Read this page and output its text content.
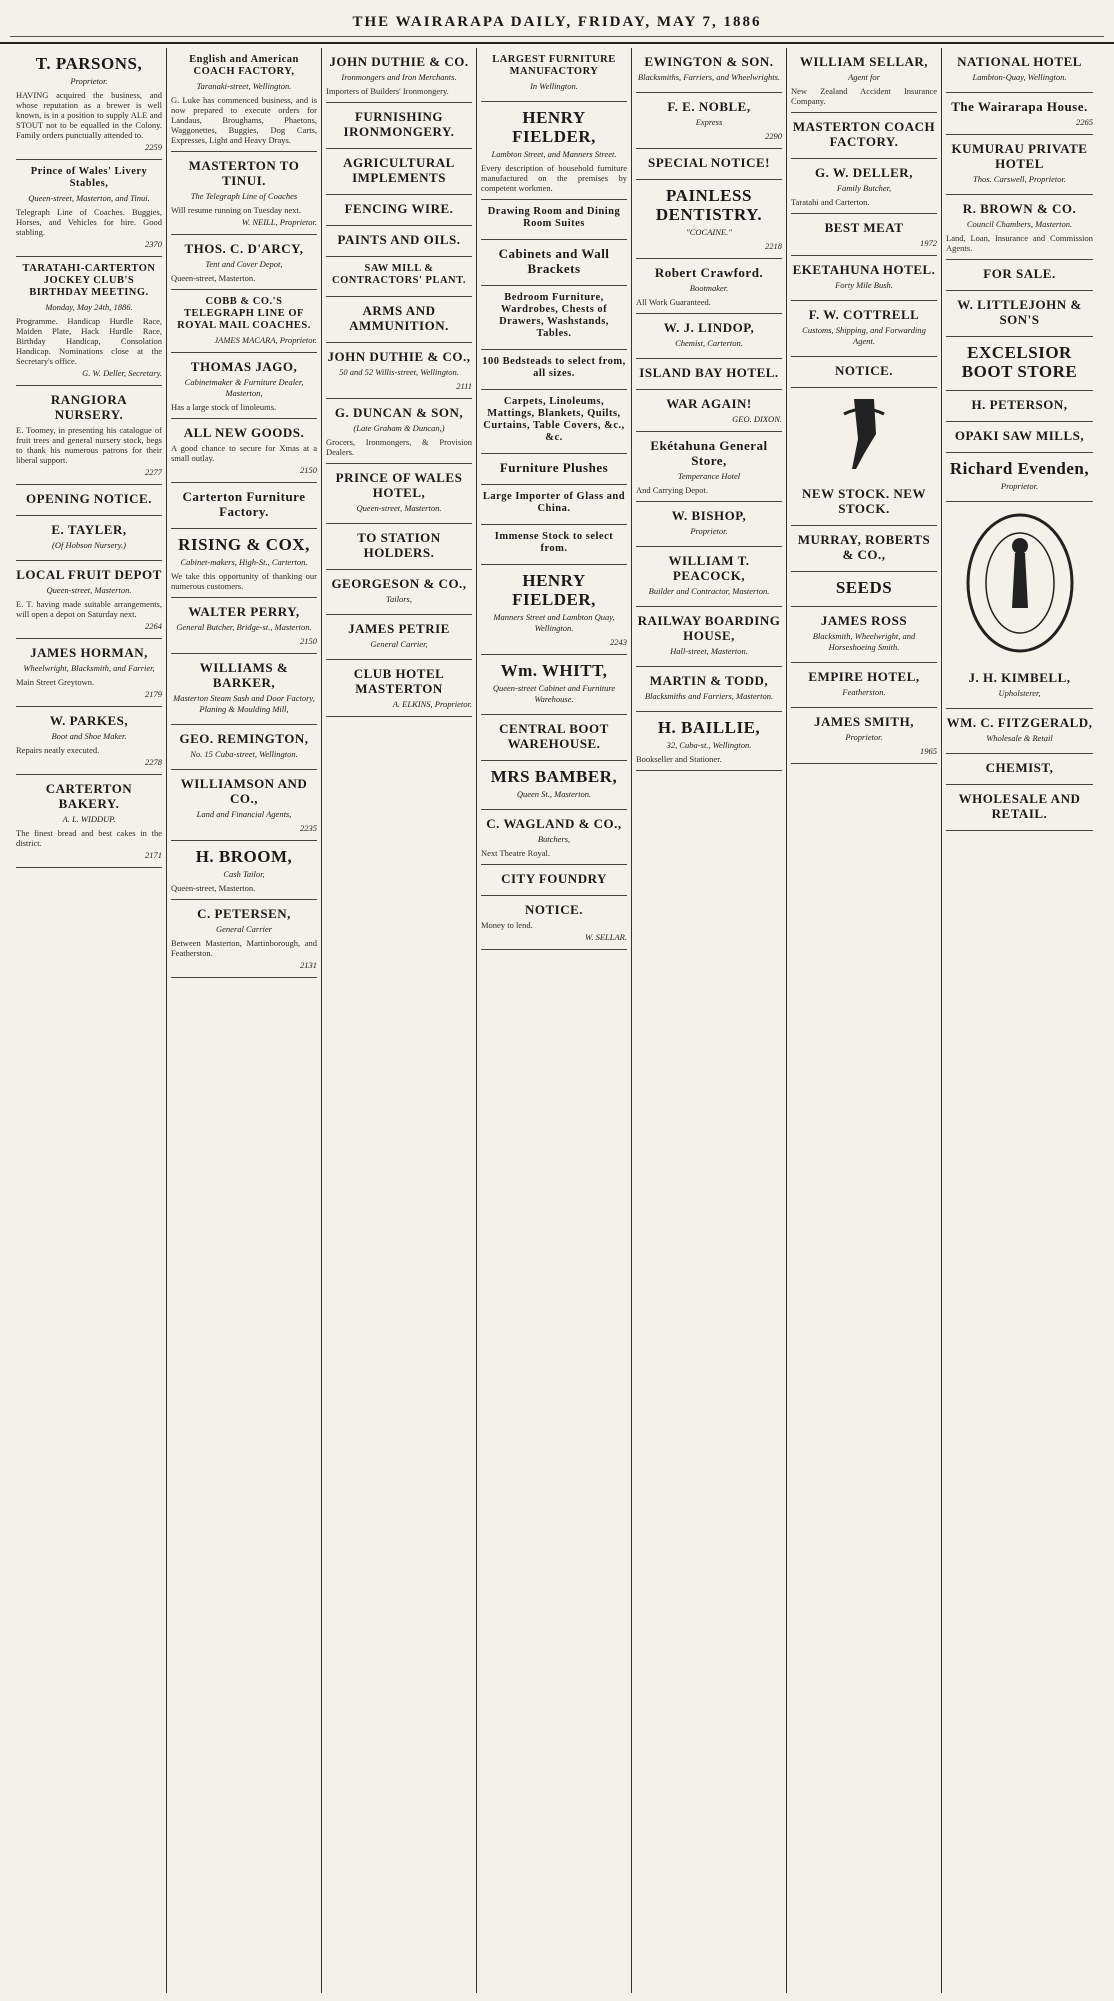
THE WAIRARAPA DAILY, FRIDAY, MAY 7, 1886
T. PARSONS,
Proprietor.
HAVING acquired the business, and whose reputation as a brewer is well known, is in a position to supply ALE and STOUT not to be equalled in the Colony. Family orders punctually attended to.
2259
Prince of Wales' Livery Stables,
Queen-street, Masterton, and Tinui.
Telegraph Line of Coaches. Buggies, Horses, and Vehicles for hire. Good stabling.
2370
TARATAHI-CARTERTON JOCKEY CLUB'S BIRTHDAY MEETING.
Monday, May 24th, 1886.
Programme. Handicap Hurdle Race, Maiden Plate, Hack Hurdle Race, Birthday Handicap, Consolation Handicap. Nominations close at the Secretary's office.
G. W. Deller, Secretary.
RANGIORA NURSERY.
E. Toomey, in presenting his catalogue of fruit trees and general nursery stock, begs to thank his numerous patrons for their liberal support.
2277
OPENING NOTICE.
E. TAYLER,
(Of Hobson Nursery.)
LOCAL FRUIT DEPOT
Queen-street, Masterton.
E. T. having made suitable arrangements, will open a depot on Saturday next.
2264
JAMES HORMAN,
Wheelwright, Blacksmith, and Farrier,
Main Street Greytown.
2179
W. PARKES,
Boot and Shoe Maker.
Repairs neatly executed.
2278
CARTERTON BAKERY.
A. L. WIDDUP.
The finest bread and best cakes in the district.
2171
English and American COACH FACTORY,
Taranaki-street, Wellington.
G. Luke has commenced business, and is now prepared to execute orders for Landaus, Broughams, Phaetons, Waggonettes, Buggies, Dog Carts, Expresses, Light and Heavy Drays.
MASTERTON TO TINUI.
The Telegraph Line of Coaches
Will resume running on Tuesday next.
W. NEILL, Proprietor.
THOS. C. D'ARCY,
Tent and Cover Depot,
Queen-street, Masterton.
COBB & CO.'S TELEGRAPH LINE OF ROYAL MAIL COACHES.
JAMES MACARA, Proprietor.
THOMAS JAGO,
Cabinetmaker & Furniture Dealer, Masterton,
Has a large stock of linoleums.
ALL NEW GOODS.
A good chance to secure for Xmas at a small outlay.
2150
Carterton Furniture Factory.
RISING & COX,
Cabinet-makers, High-St., Carterton.
We take this opportunity of thanking our numerous customers.
WALTER PERRY,
General Butcher, Bridge-st., Masterton.
2150
WILLIAMS & BARKER,
Masterton Steam Sash and Door Factory, Planing & Moulding Mill,
GEO. REMINGTON,
No. 15 Cuba-street, Wellington.
WILLIAMSON AND CO.,
Land and Financial Agents,
2235
H. BROOM,
Cash Tailor,
Queen-street, Masterton.
C. PETERSEN,
General Carrier
Between Masterton, Martinborough, and Featherston.
2131
JOHN DUTHIE & CO.
Ironmongers and Iron Merchants.
Importers of Builders' Ironmongery.
FURNISHING IRONMONGERY.
AGRICULTURAL IMPLEMENTS
FENCING WIRE.
PAINTS AND OILS.
SAW MILL & CONTRACTORS' PLANT.
ARMS AND AMMUNITION.
JOHN DUTHIE & CO.,
50 and 52 Willis-street, Wellington.
2111
G. DUNCAN & SON,
(Late Graham & Duncan,)
Grocers, Ironmongers, & Provision Dealers.
PRINCE OF WALES HOTEL,
Queen-street, Masterton.
TO STATION HOLDERS.
GEORGESON & CO.,
Tailors,
JAMES PETRIE
General Carrier,
CLUB HOTEL MASTERTON
A. ELKINS, Proprietor.
LARGEST FURNITURE MANUFACTORY
In Wellington.
HENRY FIELDER,
Lambton Street, and Manners Street.
Every description of household furniture manufactured on the premises by competent workmen.
Drawing Room and Dining Room Suites
Cabinets and Wall Brackets
Bedroom Furniture, Wardrobes, Chests of Drawers, Washstands, Tables.
100 Bedsteads to select from, all sizes.
Carpets, Linoleums, Mattings, Blankets, Quilts, Curtains, Table Covers, &c., &c.
Furniture Plushes
Large Importer of Glass and China.
Immense Stock to select from.
HENRY FIELDER,
Manners Street and Lambton Quay, Wellington.
2243
Wm. WHITT,
Queen-street Cabinet and Furniture Warehouse.
CENTRAL BOOT WAREHOUSE.
MRS BAMBER,
Queen St., Masterton.
C. WAGLAND & CO.,
Butchers,
Next Theatre Royal.
CITY FOUNDRY
NOTICE.
Money to lend.
W. SELLAR.
EWINGTON & SON.
Blacksmiths, Farriers, and Wheelwrights.
F. E. NOBLE,
Express
2290
SPECIAL NOTICE!
PAINLESS DENTISTRY.
"COCAINE."
2218
Robert Crawford.
Bootmaker.
All Work Guaranteed.
W. J. LINDOP,
Chemist, Carterton.
ISLAND BAY HOTEL.
WAR AGAIN!
GEO. DIXON.
Ekétahuna General Store,
Temperance Hotel
And Carrying Depot.
W. BISHOP,
Proprietor.
WILLIAM T. PEACOCK,
Builder and Contractor, Masterton.
RAILWAY BOARDING HOUSE,
Hall-street, Masterton.
MARTIN & TODD,
Blacksmiths and Farriers, Masterton.
H. BAILLIE,
32, Cuba-st., Wellington.
Bookseller and Stationer.
WILLIAM SELLAR,
Agent for
New Zealand Accident Insurance Company.
MASTERTON COACH FACTORY.
G. W. DELLER,
Family Butcher,
Taratahi and Carterton.
BEST MEAT
1972
EKETAHUNA HOTEL.
Forty Mile Bush.
F. W. COTTRELL
Customs, Shipping, and Forwarding Agent.
NOTICE.
NEW STOCK. NEW STOCK.
MURRAY, ROBERTS & CO.,
SEEDS
JAMES ROSS
Blacksmith, Wheelwright, and Horseshoeing Smith.
EMPIRE HOTEL,
Featherston.
JAMES SMITH,
Proprietor.
1965
NATIONAL HOTEL
Lambton-Quay, Wellington.
The Wairarapa House.
2265
KUMURAU PRIVATE HOTEL
Thos. Carswell, Proprietor.
R. BROWN & CO.
Council Chambers, Masterton.
Land, Loan, Insurance and Commission Agents.
FOR SALE.
W. LITTLEJOHN & SON'S
EXCELSIOR BOOT STORE
H. PETERSON,
OPAKI SAW MILLS,
Richard Evenden,
Proprietor.
J. H. KIMBELL,
Upholsterer,
WM. C. FITZGERALD,
Wholesale & Retail
CHEMIST,
WHOLESALE AND RETAIL.
